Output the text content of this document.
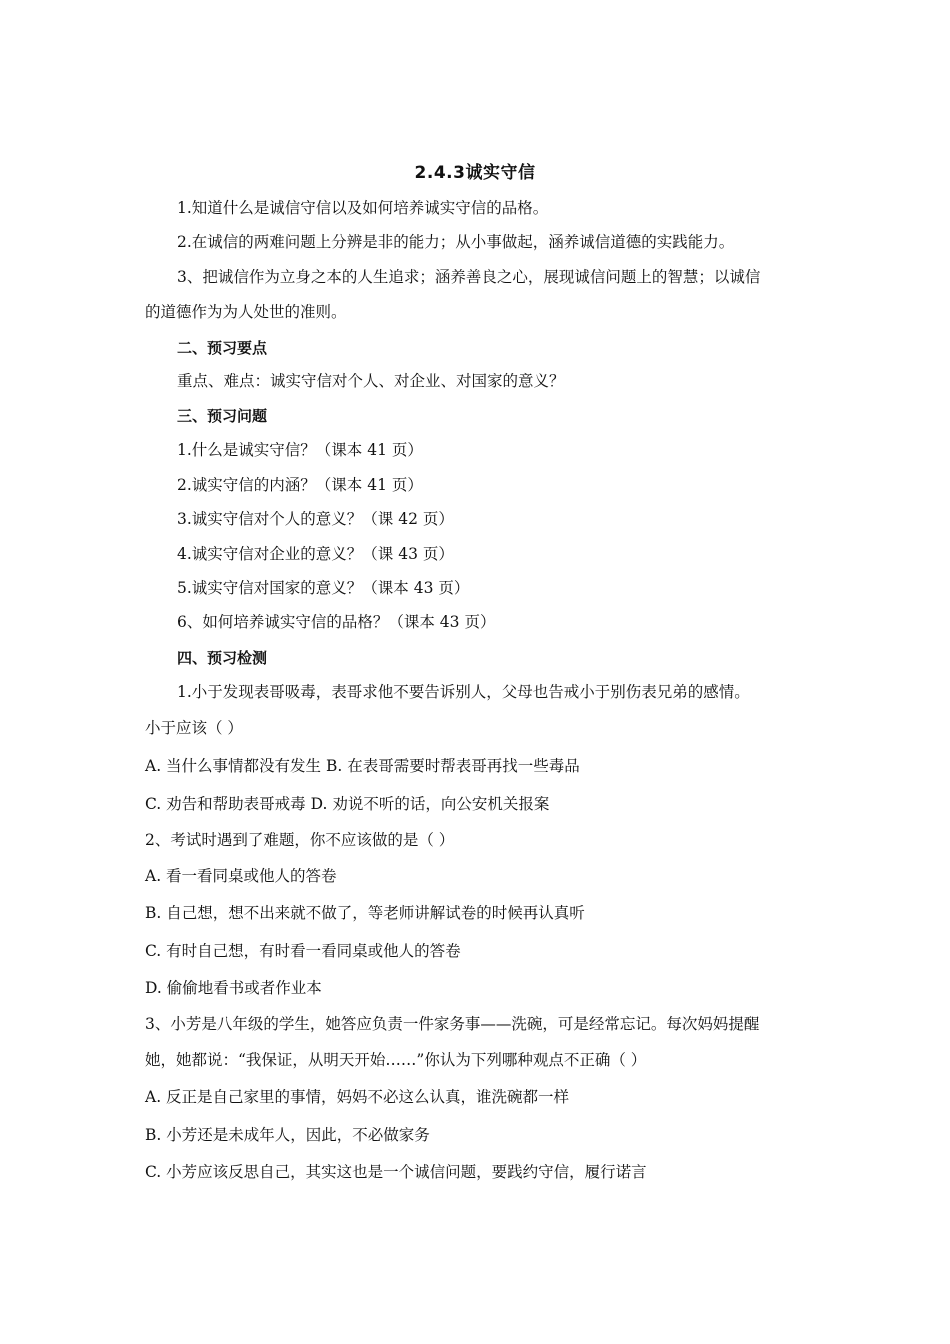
2.4.3诚实守信
1.知道什么是诚信守信以及如何培养诚实守信的品格。
2.在诚信的两难问题上分辨是非的能力；从小事做起，涵养诚信道德的实践能力。
3、把诚信作为立身之本的人生追求；涵养善良之心，展现诚信问题上的智慧；以诚信
的道德作为为人处世的准则。
二、预习要点
重点、难点：诚实守信对个人、对企业、对国家的意义？
三、预习问题
1.什么是诚实守信？（课本 41 页）
2.诚实守信的内涵？（课本 41 页）
3.诚实守信对个人的意义？（课 42 页）
4.诚实守信对企业的意义？（课 43 页）
5.诚实守信对国家的意义？（课本 43 页）
6、如何培养诚实守信的品格？（课本 43 页）
四、预习检测
1.小于发现表哥吸毒，表哥求他不要告诉别人，父母也告戒小于别伤表兄弟的感情。
小于应该（ ）
A. 当什么事情都没有发生 B. 在表哥需要时帮表哥再找一些毒品
C. 劝告和帮助表哥戒毒 D. 劝说不听的话，向公安机关报案
2、考试时遇到了难题，你不应该做的是（ ）
A. 看一看同桌或他人的答卷
B. 自己想，想不出来就不做了，等老师讲解试卷的时候再认真听
C. 有时自己想，有时看一看同桌或他人的答卷
D. 偷偷地看书或者作业本
3、小芳是八年级的学生，她答应负责一件家务事——洗碗，可是经常忘记。每次妈妈提醒
她，她都说：“我保证，从明天开始……”你认为下列哪种观点不正确（ ）
A. 反正是自己家里的事情，妈妈不必这么认真，谁洗碗都一样
B. 小芳还是未成年人，因此，不必做家务
C. 小芳应该反思自己，其实这也是一个诚信问题，要践约守信，履行诺言
